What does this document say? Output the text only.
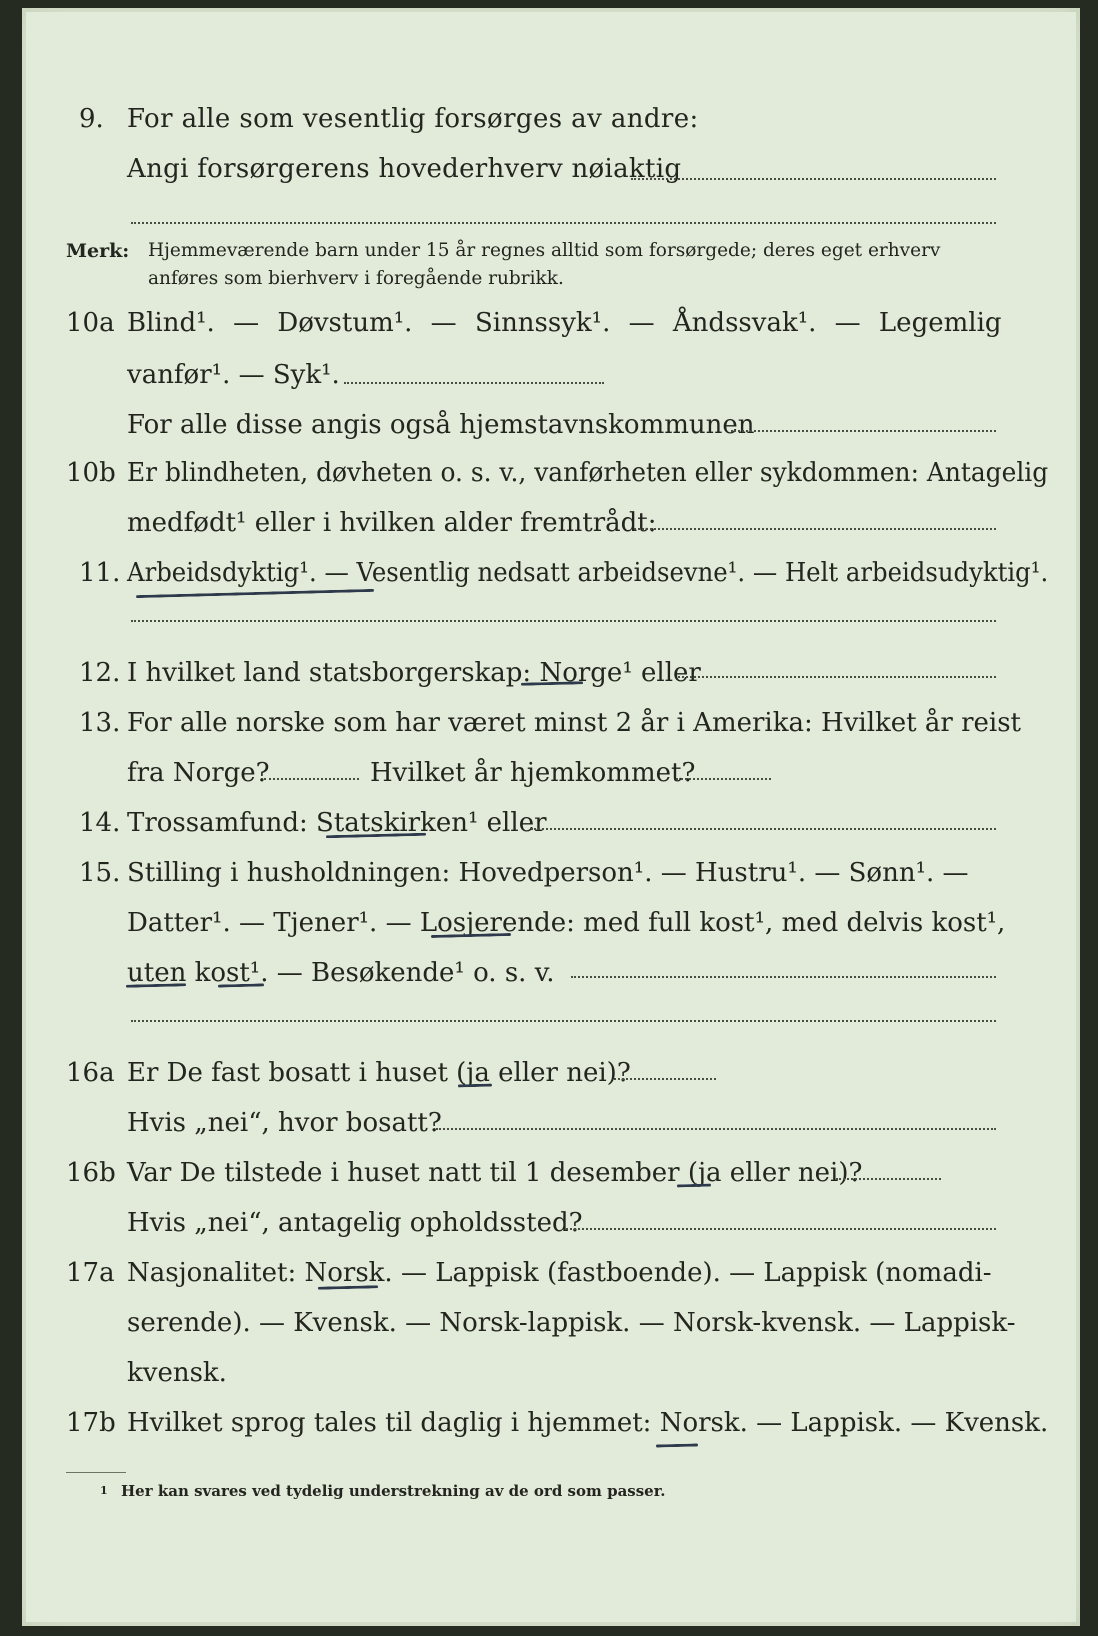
9. For alle som vesentlig forsørges av andre:
Angi forsørgerens hovederhverv nøiaktig
Merk: Hjemmeværende barn under 15 år regnes alltid som forsørgede; deres eget erhverv
anføres som bierhverv i foregående rubrikk.
10a Blind¹. — Døvstum¹. — Sinnssyk¹. — Åndssvak¹. — Legemlig
vanfør¹. — Syk¹.
For alle disse angis også hjemstavnskommunen
10b Er blindheten, døvheten o. s. v., vanførheten eller sykdommen: Antagelig
medfødt¹ eller i hvilken alder fremtrådt:
11. Arbeidsdyktig¹. — Vesentlig nedsatt arbeidsevne¹. — Helt arbeidsudyktig¹.
12. I hvilket land statsborgerskap: Norge¹ eller
13. For alle norske som har været minst 2 år i Amerika: Hvilket år reist
fra Norge?	Hvilket år hjemkommet?
14. Trossamfund: Statskirken¹ eller
15. Stilling i husholdningen: Hovedperson¹. — Hustru¹. — Sønn¹. —
Datter¹. — Tjener¹. — Losjerende: med full kost¹, med delvis kost¹,
uten kost¹. — Besøkende¹ o. s. v.
16a Er De fast bosatt i huset (ja eller nei)?
Hvis „nei“, hvor bosatt?
16b Var De tilstede i huset natt til 1 desember (ja eller nei)?
Hvis „nei“, antagelig opholdssted?
17a Nasjonalitet: Norsk. — Lappisk (fastboende). — Lappisk (nomadi-
serende). — Kvensk. — Norsk-lappisk. — Norsk-kvensk. — Lappisk-
kvensk.
17b Hvilket sprog tales til daglig i hjemmet: Norsk. — Lappisk. — Kvensk.
1 Her kan svares ved tydelig understrekning av de ord som passer.
